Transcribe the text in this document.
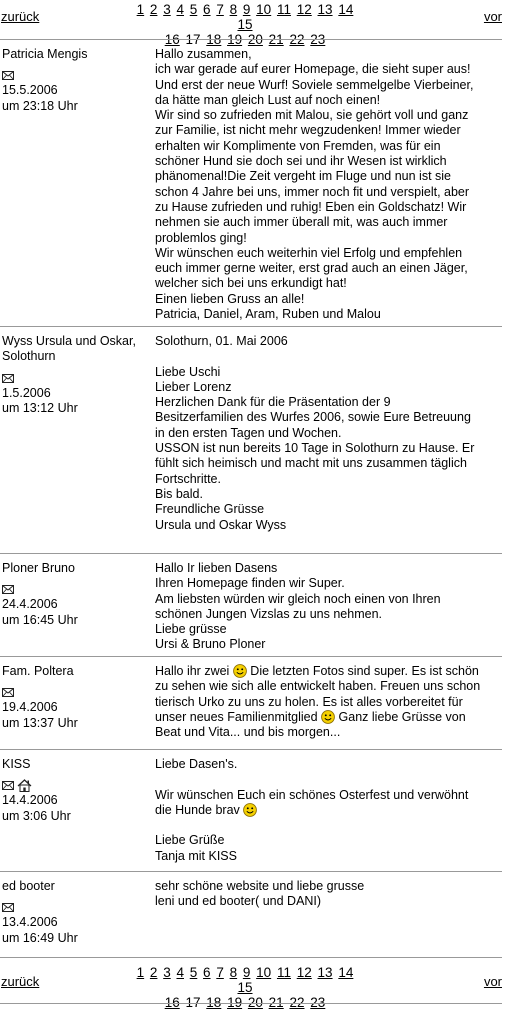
zurück	1 2 3 4 5 6 7 8 9 10 11 12 13 14 15
16 17 18 19 20 21 22 23
vor
Patricia Mengis
15.5.2006
um 23:18 Uhr

Hallo zusammen,

ich war gerade auf eurer Homepage, die sieht super aus!

Und erst der neue Wurf! Soviele semmelgelbe Vierbeiner,

da hätte man gleich Lust auf noch einen!

Wir sind so zufrieden mit Malou, sie gehört voll und ganz

zur Familie, ist nicht mehr wegzudenken! Immer wieder

erhalten wir Komplimente von Fremden, was für ein

schöner Hund sie doch sei und ihr Wesen ist wirklich

phänomenal!Die Zeit vergeht im Fluge und nun ist sie

schon 4 Jahre bei uns, immer noch fit und verspielt, aber

zu Hause zufrieden und ruhig! Eben ein Goldschatz! Wir

nehmen sie auch immer überall mit, was auch immer

problemlos ging!

Wir wünschen euch weiterhin viel Erfolg und empfehlen

euch immer gerne weiter, erst grad auch an einen Jäger,

welcher sich bei uns erkundigt hat!

Einen lieben Gruss an alle!

Patricia, Daniel, Aram, Ruben und Malou

Wyss Ursula und Oskar,
Solothurn
1.5.2006
um 13:12 Uhr

Solothurn, 01. Mai 2006

Liebe Uschi

Lieber Lorenz

Herzlichen Dank für die Präsentation der 9

Besitzerfamilien des Wurfes 2006, sowie Eure Betreuung

in den ersten Tagen und Wochen.

USSON ist nun bereits 10 Tage in Solothurn zu Hause. Er

fühlt sich heimisch und macht mit uns zusammen täglich

Fortschritte.

Bis bald.

Freundliche Grüsse

Ursula und Oskar Wyss

Ploner Bruno
24.4.2006
um 16:45 Uhr

Hallo Ir lieben Dasens

Ihren Homepage finden wir Super.

Am liebsten würden wir gleich noch einen von Ihren

schönen Jungen Vizslas zu uns nehmen.

Liebe grüsse

Ursi & Bruno Ploner

Fam. Poltera
19.4.2006
um 13:37 Uhr

Hallo ihr zwei  Die letzten Fotos sind super. Es ist schön

zu sehen wie sich alle entwickelt haben. Freuen uns schon

tierisch Urko zu uns zu holen. Es ist alles vorbereitet für

unser neues Familienmitglied  Ganz liebe Grüsse von

Beat und Vita... und bis morgen...

KISS
14.4.2006
um 3:06 Uhr

Liebe Dasen's.

Wir wünschen Euch ein schönes Osterfest und verwöhnt

die Hunde brav

Liebe Grüße

Tanja mit KISS

ed booter
13.4.2006
um 16:49 Uhr

sehr schöne website und liebe grusse

leni und ed booter( und DANI)

zurück
1 2 3 4 5 6 7 8 9 10 11 12 13 14 15
16 17 18 19 20 21 22 23
vor
